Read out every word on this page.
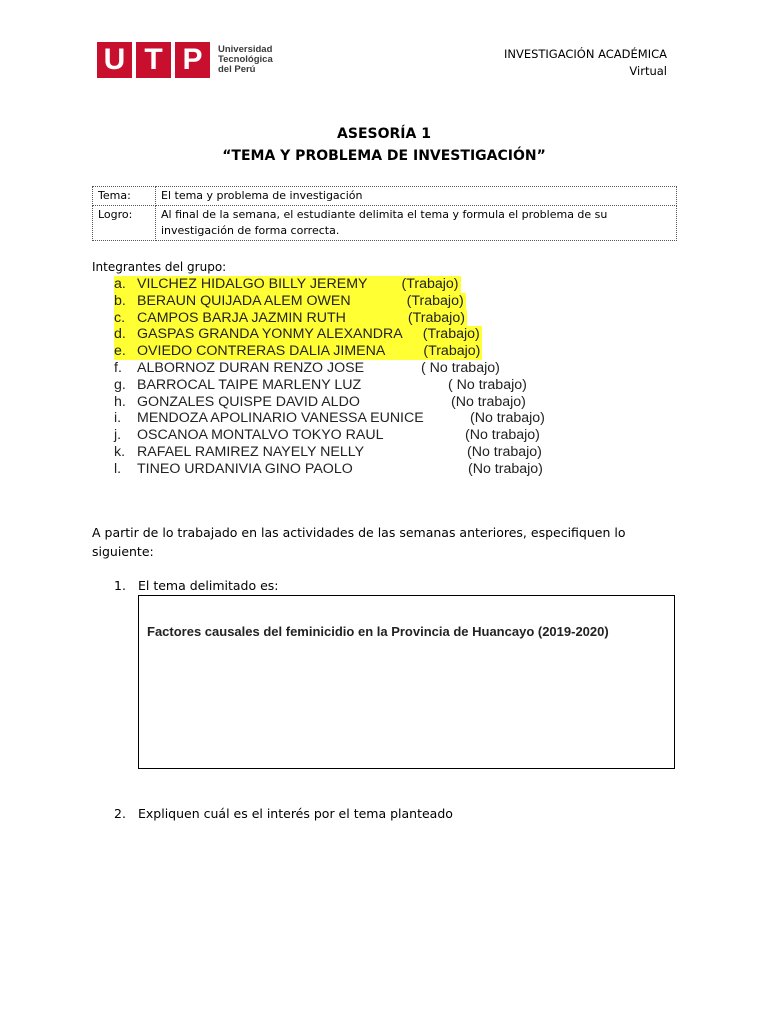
U T P	Universidad
Tecnológica
del Perú
INVESTIGACIÓN ACADÉMICA
Virtual
ASESORÍA 1
“TEMA Y PROBLEMA DE INVESTIGACIÓN”
Tema:	El tema y problema de investigación
Logro:	Al final de la semana, el estudiante delimita el tema y formula el problema de su investigación de forma correcta.
Integrantes del grupo:
a. VILCHEZ HIDALGO BILLY JEREMY (Trabajo)
b. BERAUN QUIJADA ALEM OWEN	(Trabajo)
c. CAMPOS BARJA JAZMIN RUTH	(Trabajo)
d. GASPAS GRANDA YONMY ALEXANDRA (Trabajo)
e. OVIEDO CONTRERAS DALIA JIMENA	(Trabajo)
f. ALBORNOZ DURAN RENZO JOSE	( No trabajo)
g. BARROCAL TAIPE MARLENY LUZ	( No trabajo)
h. GONZALES QUISPE DAVID ALDO	(No trabajo)
i. MENDOZA APOLINARIO VANESSA EUNICE	(No trabajo)
j. OSCANOA MONTALVO TOKYO RAUL	(No trabajo)
k. RAFAEL RAMIREZ NAYELY NELLY	(No trabajo)
l. TINEO URDANIVIA GINO PAOLO	(No trabajo)
A partir de lo trabajado en las actividades de las semanas anteriores, especifiquen lo siguiente:
1. El tema delimitado es:
Factores causales del feminicidio en la Provincia de Huancayo (2019-2020)
2. Expliquen cuál es el interés por el tema planteado
